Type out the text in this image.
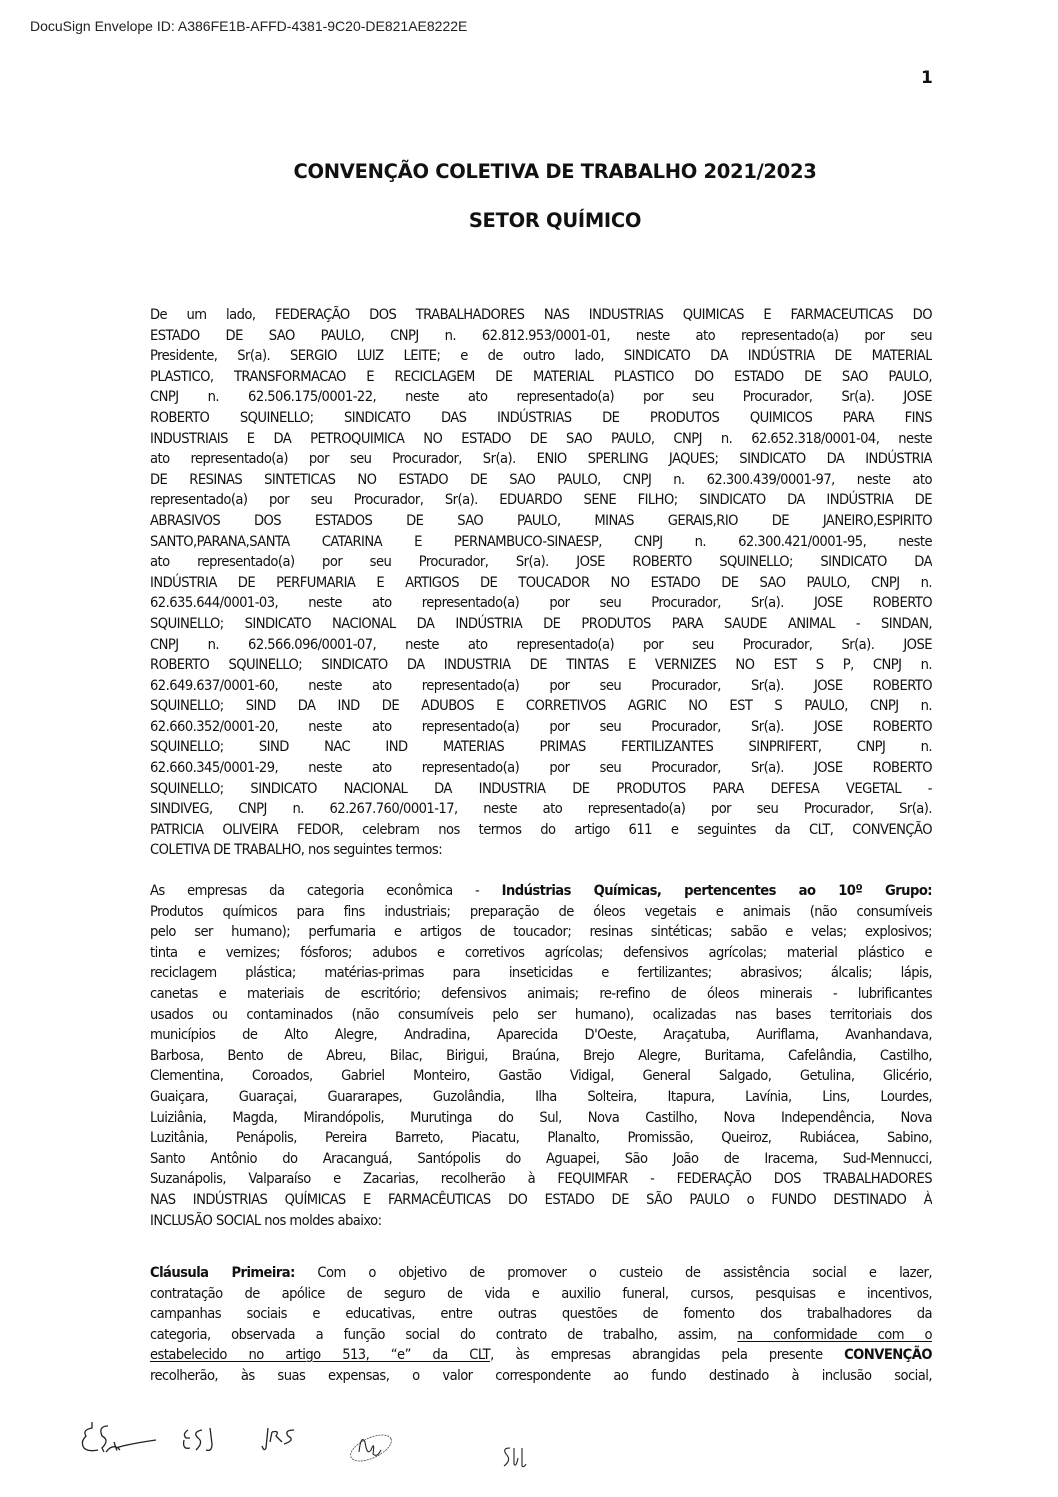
DocuSign Envelope ID: A386FE1B-AFFD-4381-9C20-DE821AE8222E
1
CONVENÇÃO COLETIVA DE TRABALHO 2021/2023
SETOR QUÍMICO
De um lado, FEDERAÇÃO DOS TRABALHADORES NAS INDUSTRIAS QUIMICAS E FARMACEUTICAS DO
ESTADO DE SAO PAULO, CNPJ n. 62.812.953/0001-01, neste ato representado(a) por seu
Presidente, Sr(a). SERGIO LUIZ LEITE; e de outro lado, SINDICATO DA INDÚSTRIA DE MATERIAL
PLASTICO, TRANSFORMACAO E RECICLAGEM DE MATERIAL PLASTICO DO ESTADO DE SAO PAULO,
CNPJ n. 62.506.175/0001-22, neste ato representado(a) por seu Procurador, Sr(a). JOSE
ROBERTO SQUINELLO; SINDICATO DAS INDÚSTRIAS DE PRODUTOS QUIMICOS PARA FINS
INDUSTRIAIS E DA PETROQUIMICA NO ESTADO DE SAO PAULO, CNPJ n. 62.652.318/0001-04, neste
ato representado(a) por seu Procurador, Sr(a). ENIO SPERLING JAQUES; SINDICATO DA INDÚSTRIA
DE RESINAS SINTETICAS NO ESTADO DE SAO PAULO, CNPJ n. 62.300.439/0001-97, neste ato
representado(a) por seu Procurador, Sr(a). EDUARDO SENE FILHO; SINDICATO DA INDÚSTRIA DE
ABRASIVOS DOS ESTADOS DE SAO PAULO, MINAS GERAIS,RIO DE JANEIRO,ESPIRITO
SANTO,PARANA,SANTA CATARINA E PERNAMBUCO-SINAESP, CNPJ n. 62.300.421/0001-95, neste
ato representado(a) por seu Procurador, Sr(a). JOSE ROBERTO SQUINELLO; SINDICATO DA
INDÚSTRIA DE PERFUMARIA E ARTIGOS DE TOUCADOR NO ESTADO DE SAO PAULO, CNPJ n.
62.635.644/0001-03, neste ato representado(a) por seu Procurador, Sr(a). JOSE ROBERTO
SQUINELLO; SINDICATO NACIONAL DA INDÚSTRIA DE PRODUTOS PARA SAUDE ANIMAL - SINDAN,
CNPJ n. 62.566.096/0001-07, neste ato representado(a) por seu Procurador, Sr(a). JOSE
ROBERTO SQUINELLO; SINDICATO DA INDUSTRIA DE TINTAS E VERNIZES NO EST S P, CNPJ n.
62.649.637/0001-60, neste ato representado(a) por seu Procurador, Sr(a). JOSE ROBERTO
SQUINELLO; SIND DA IND DE ADUBOS E CORRETIVOS AGRIC NO EST S PAULO, CNPJ n.
62.660.352/0001-20, neste ato representado(a) por seu Procurador, Sr(a). JOSE ROBERTO
SQUINELLO; SIND NAC IND MATERIAS PRIMAS FERTILIZANTES SINPRIFERT, CNPJ n.
62.660.345/0001-29, neste ato representado(a) por seu Procurador, Sr(a). JOSE ROBERTO
SQUINELLO; SINDICATO NACIONAL DA INDUSTRIA DE PRODUTOS PARA DEFESA VEGETAL -
SINDIVEG, CNPJ n. 62.267.760/0001-17, neste ato representado(a) por seu Procurador, Sr(a).
PATRICIA OLIVEIRA FEDOR, celebram nos termos do artigo 611 e seguintes da CLT, CONVENÇÃO
COLETIVA DE TRABALHO, nos seguintes termos:
As empresas da categoria econômica - Indústrias Químicas, pertencentes ao 10º Grupo:
Produtos químicos para fins industriais; preparação de óleos vegetais e animais (não consumíveis
pelo ser humano); perfumaria e artigos de toucador; resinas sintéticas; sabão e velas; explosivos;
tinta e vernizes; fósforos; adubos e corretivos agrícolas; defensivos agrícolas; material plástico e
reciclagem plástica; matérias-primas para inseticidas e fertilizantes; abrasivos; álcalis; lápis,
canetas e materiais de escritório; defensivos animais; re-refino de óleos minerais - lubrificantes
usados ou contaminados (não consumíveis pelo ser humano), ocalizadas nas bases territoriais dos
municípios de Alto Alegre, Andradina, Aparecida D'Oeste, Araçatuba, Auriflama, Avanhandava,
Barbosa, Bento de Abreu, Bilac, Birigui, Braúna, Brejo Alegre, Buritama, Cafelândia, Castilho,
Clementina, Coroados, Gabriel Monteiro, Gastão Vidigal, General Salgado, Getulina, Glicério,
Guaiçara, Guaraçai, Guararapes, Guzolândia, Ilha Solteira, Itapura, Lavínia, Lins, Lourdes,
Luiziânia, Magda, Mirandópolis, Murutinga do Sul, Nova Castilho, Nova Independência, Nova
Luzitânia, Penápolis, Pereira Barreto, Piacatu, Planalto, Promissão, Queiroz, Rubiácea, Sabino,
Santo Antônio do Aracanguá, Santópolis do Aguapei, São João de Iracema, Sud-Mennucci,
Suzanápolis, Valparaíso e Zacarias, recolherão à FEQUIMFAR - FEDERAÇÃO DOS TRABALHADORES
NAS INDÚSTRIAS QUÍMICAS E FARMACÊUTICAS DO ESTADO DE SÃO PAULO o FUNDO DESTINADO À
INCLUSÃO SOCIAL nos moldes abaixo:
Cláusula Primeira: Com o objetivo de promover o custeio de assistência social e lazer,
contratação de apólice de seguro de vida e auxilio funeral, cursos, pesquisas e incentivos,
campanhas sociais e educativas, entre outras questões de fomento dos trabalhadores da
categoria, observada a função social do contrato de trabalho, assim, na conformidade com o
estabelecido no artigo 513, “e” da CLT, às empresas abrangidas pela presente CONVENÇÃO
recolherão, às suas expensas, o valor correspondente ao fundo destinado à inclusão social,
